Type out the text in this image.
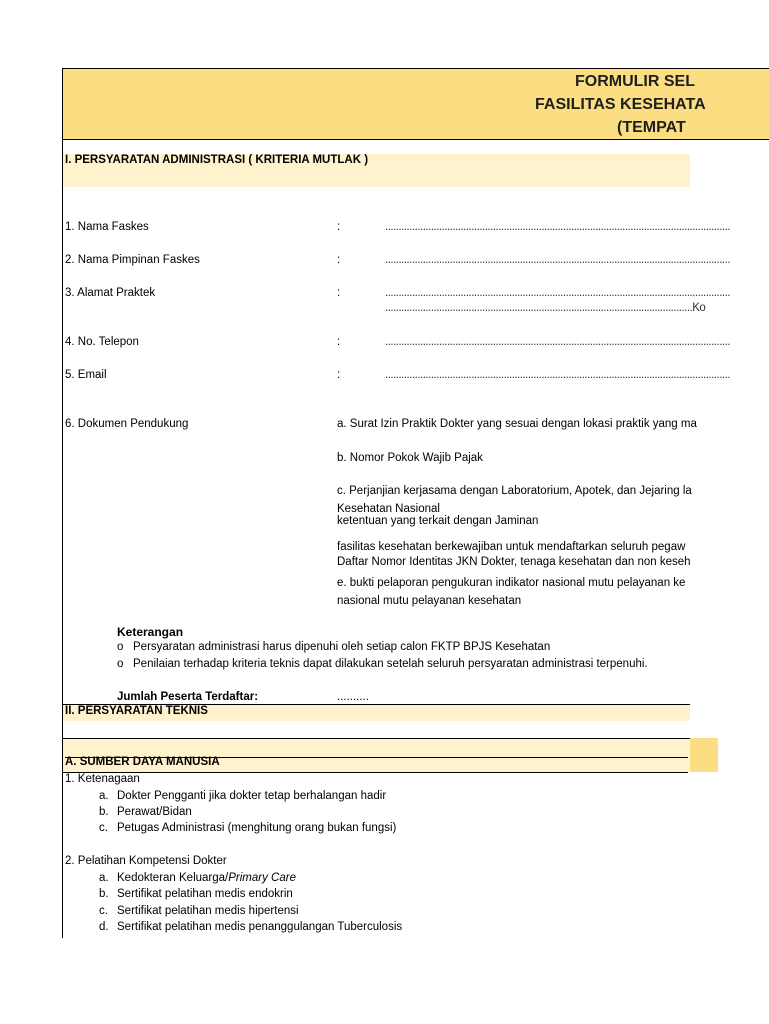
FORMULIR SEL
FASILITAS KESEHATA
(TEMPAT
I. PERSYARATAN ADMINISTRASI ( KRITERIA MUTLAK )
1. Nama Faskes	:	................................................................................................................................
2. Nama Pimpinan Faskes	:	................................................................................................................................
3. Alamat Praktek	:	................................................................................................................................
..................................................................................................................Ko
4. No. Telepon	:	................................................................................................................................
5. Email	:	................................................................................................................................
6. Dokumen Pendukung	a. Surat Izin Praktik Dokter yang sesuai dengan lokasi praktik yang ma
b. Nomor Pokok Wajib Pajak
c. Perjanjian kerjasama dengan Laboratorium, Apotek, dan Jejaring la
Kesehatan Nasional
ketentuan yang terkait dengan Jaminan
fasilitas kesehatan berkewajiban untuk mendaftarkan seluruh pegaw
Daftar Nomor Identitas JKN Dokter, tenaga kesehatan dan non keseh
e. bukti pelaporan pengukuran indikator nasional mutu pelayanan ke
nasional mutu pelayanan kesehatan
Keterangan
o Persyaratan administrasi harus dipenuhi oleh setiap calon FKTP BPJS Kesehatan
o Penilaian terhadap kriteria teknis dapat dilakukan setelah seluruh persyaratan administrasi terpenuhi.
Jumlah Peserta Terdaftar:	..........
II. PERSYARATAN TEKNIS
A. SUMBER DAYA MANUSIA
1. Ketenagaan
a. Dokter Pengganti jika dokter tetap berhalangan hadir
b. Perawat/Bidan
c. Petugas Administrasi (menghitung orang bukan fungsi)
2. Pelatihan Kompetensi Dokter
a. Kedokteran Keluarga/Primary Care
b. Sertifikat pelatihan medis endokrin
c. Sertifikat pelatihan medis hipertensi
d. Sertifikat pelatihan medis penanggulangan Tuberculosis
